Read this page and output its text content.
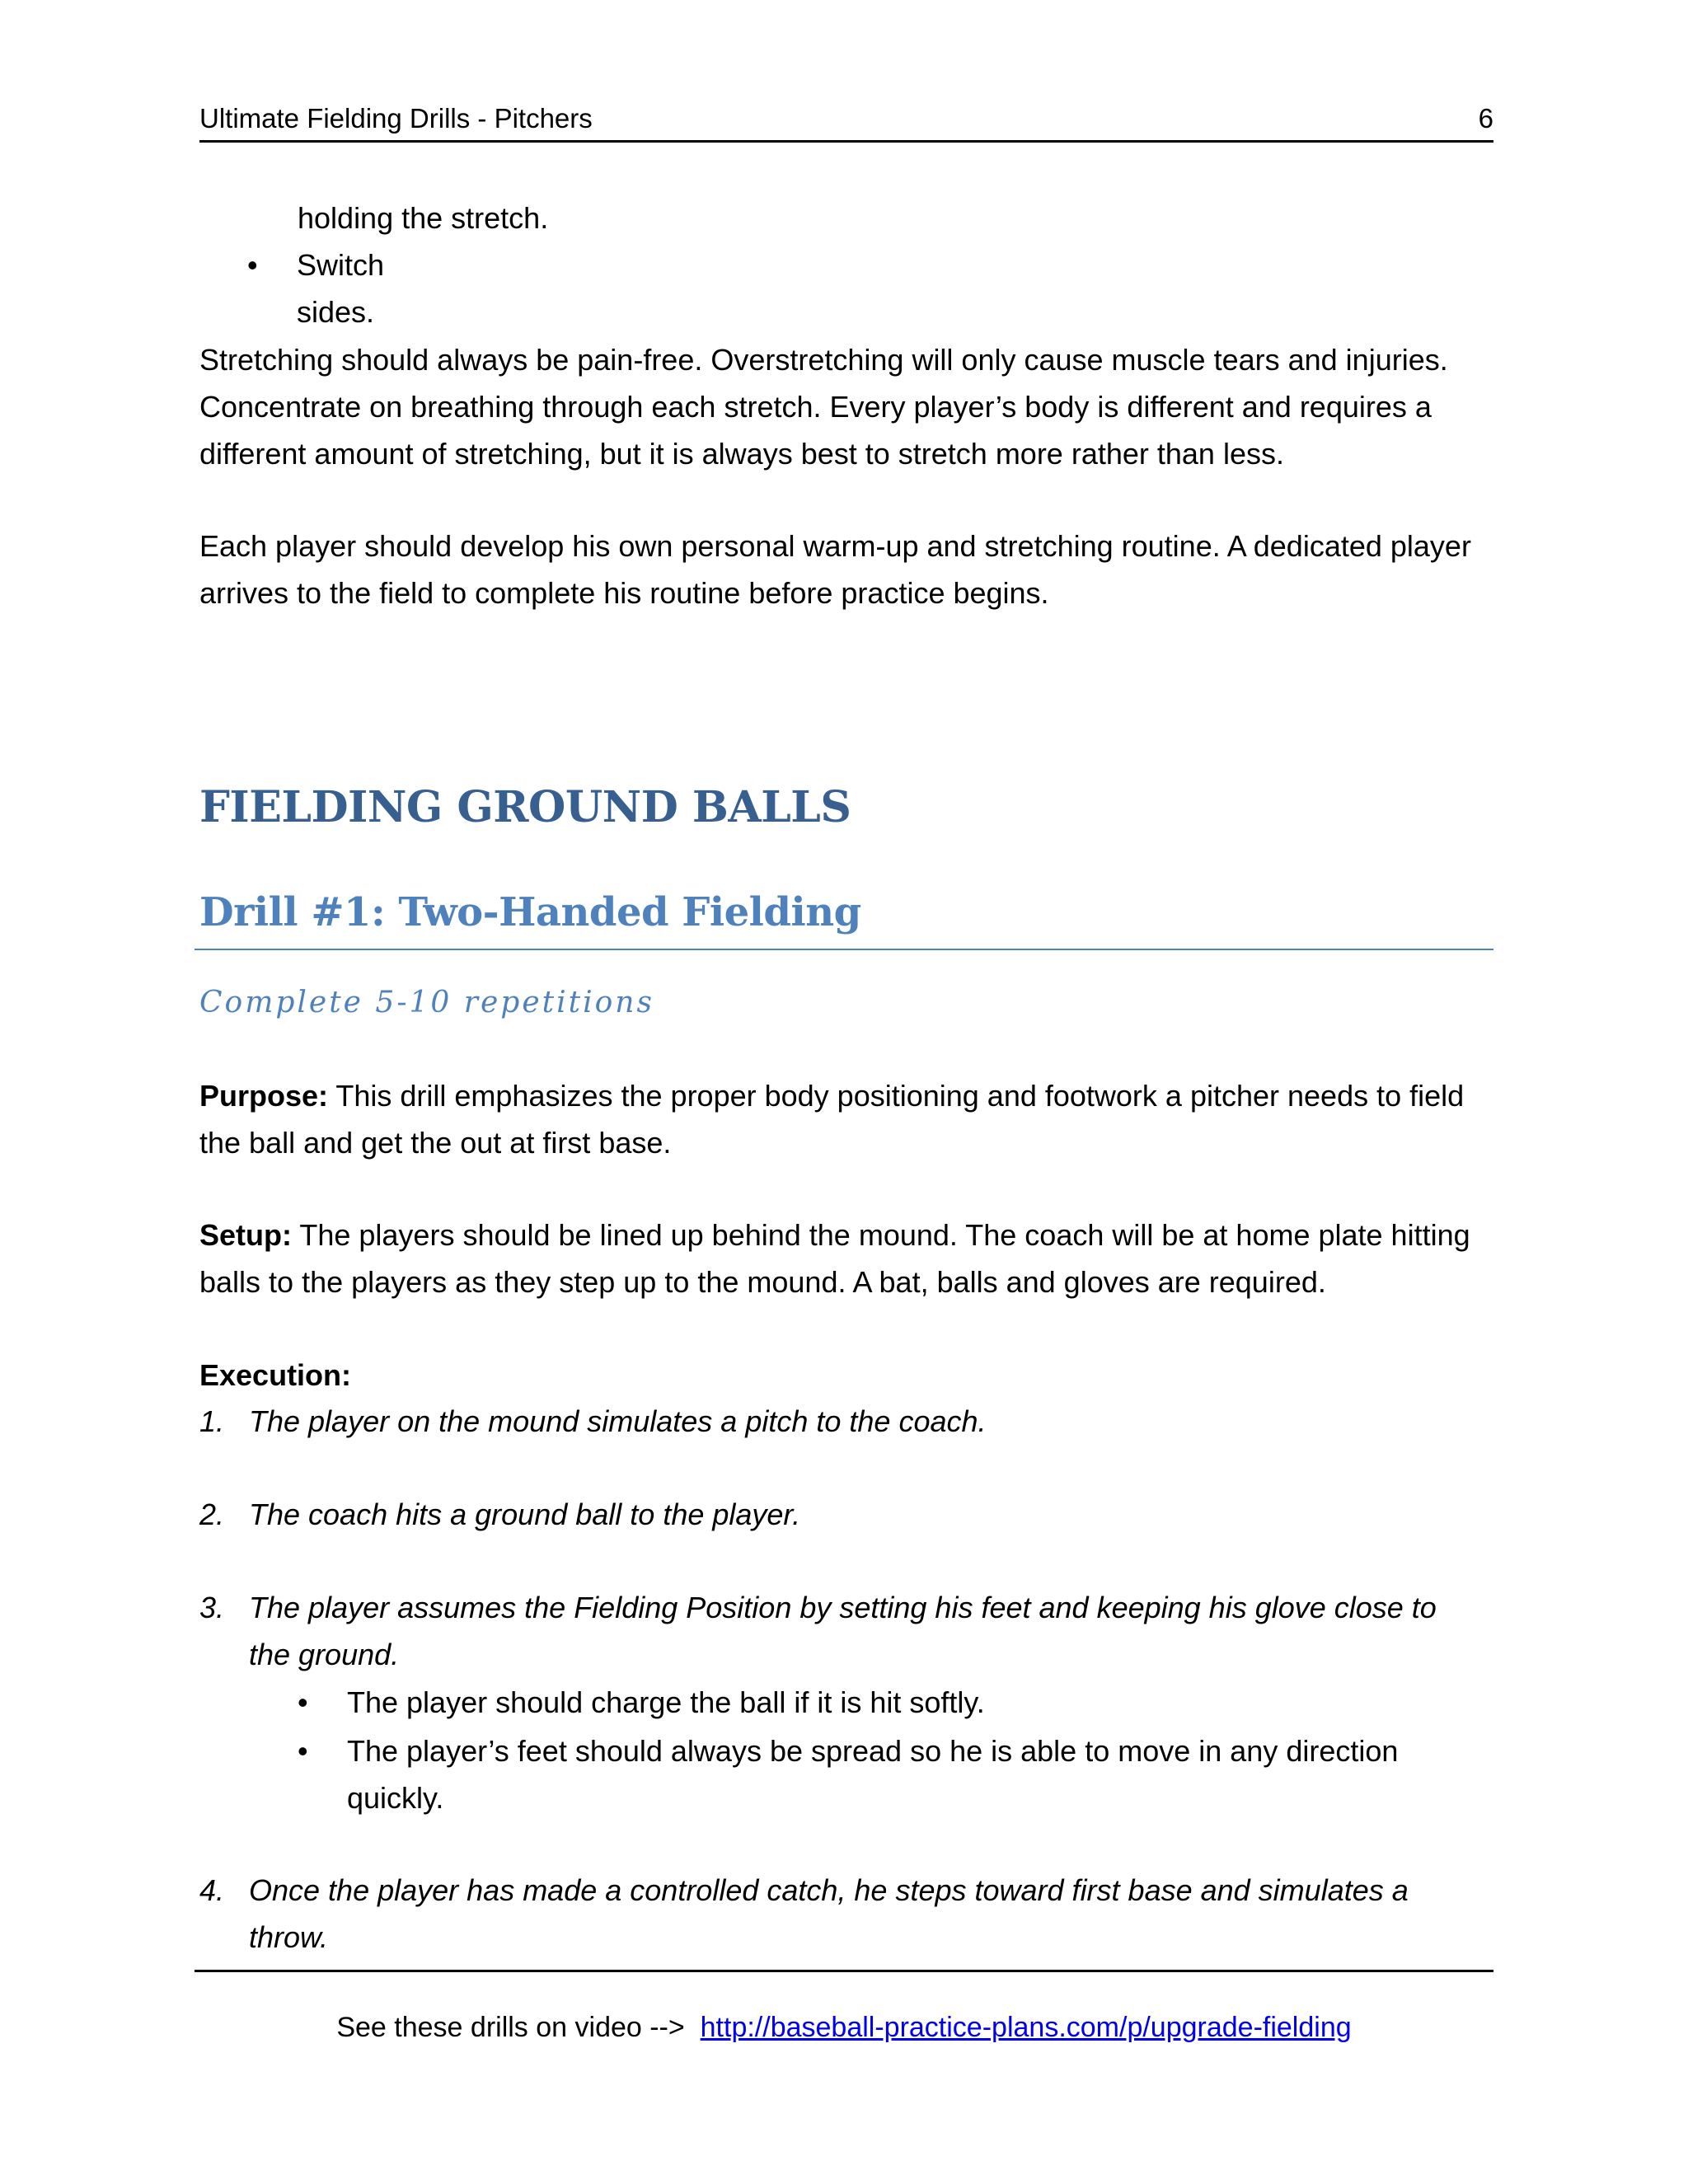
Ultimate Fielding Drills - Pitchers	6
holding the stretch.
• Switch sides.
Stretching should always be pain-free. Overstretching will only cause muscle tears and injuries. Concentrate on breathing through each stretch. Every player’s body is different and requires a different amount of stretching, but it is always best to stretch more rather than less.
Each player should develop his own personal warm-up and stretching routine. A dedicated player arrives to the field to complete his routine before practice begins.
FIELDING GROUND BALLS
Drill #1: Two-Handed Fielding
Complete 5-10 repetitions
Purpose: This drill emphasizes the proper body positioning and footwork a pitcher needs to field the ball and get the out at first base.
Setup: The players should be lined up behind the mound. The coach will be at home plate hitting balls to the players as they step up to the mound. A bat, balls and gloves are required.
Execution:
1. The player on the mound simulates a pitch to the coach.
2. The coach hits a ground ball to the player.
3. The player assumes the Fielding Position by setting his feet and keeping his glove close to the ground.
• The player should charge the ball if it is hit softly.
• The player’s feet should always be spread so he is able to move in any direction quickly.
4. Once the player has made a controlled catch, he steps toward first base and simulates a throw.
See these drills on video -->  http://baseball-practice-plans.com/p/upgrade-fielding
